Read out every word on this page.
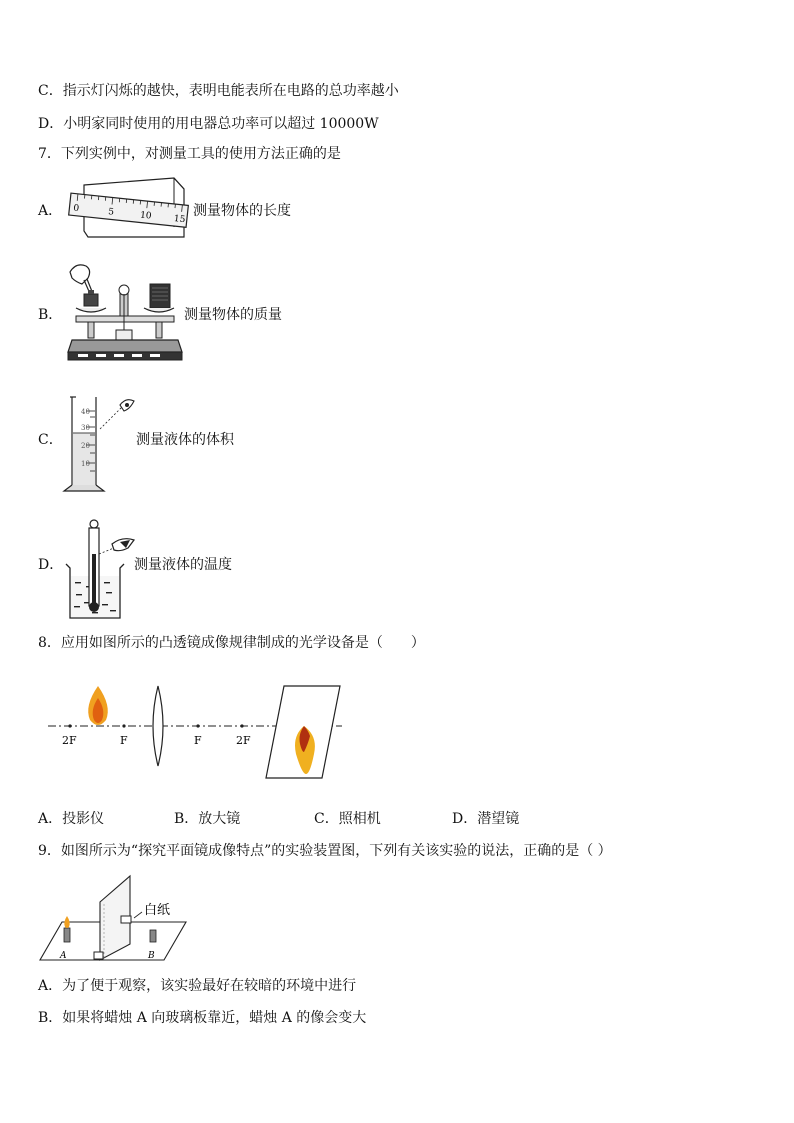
C．指示灯闪烁的越快，表明电能表所在电路的总功率越小
D．小明家同时使用的用电器总功率可以超过 10000W
7．下列实例中，对测量工具的使用方法正确的是
A． 0	5	10 15
测量物体的长度
B．	测量物体的质量
C．
40
30
20
10
测量液体的体积
D．	测量液体的温度
8．应用如图所示的凸透镜成像规律制成的光学设备是（　　）
2F	F	F	2F
A．投影仪	B．放大镜	C．照相机	D．潜望镜
9．如图所示为“探究平面镜成像特点”的实验装置图，下列有关该实验的说法，正确的是（ ）
A	B
白纸
A．为了便于观察，该实验最好在较暗的环境中进行
B．如果将蜡烛 A 向玻璃板靠近，蜡烛 A 的像会变大
